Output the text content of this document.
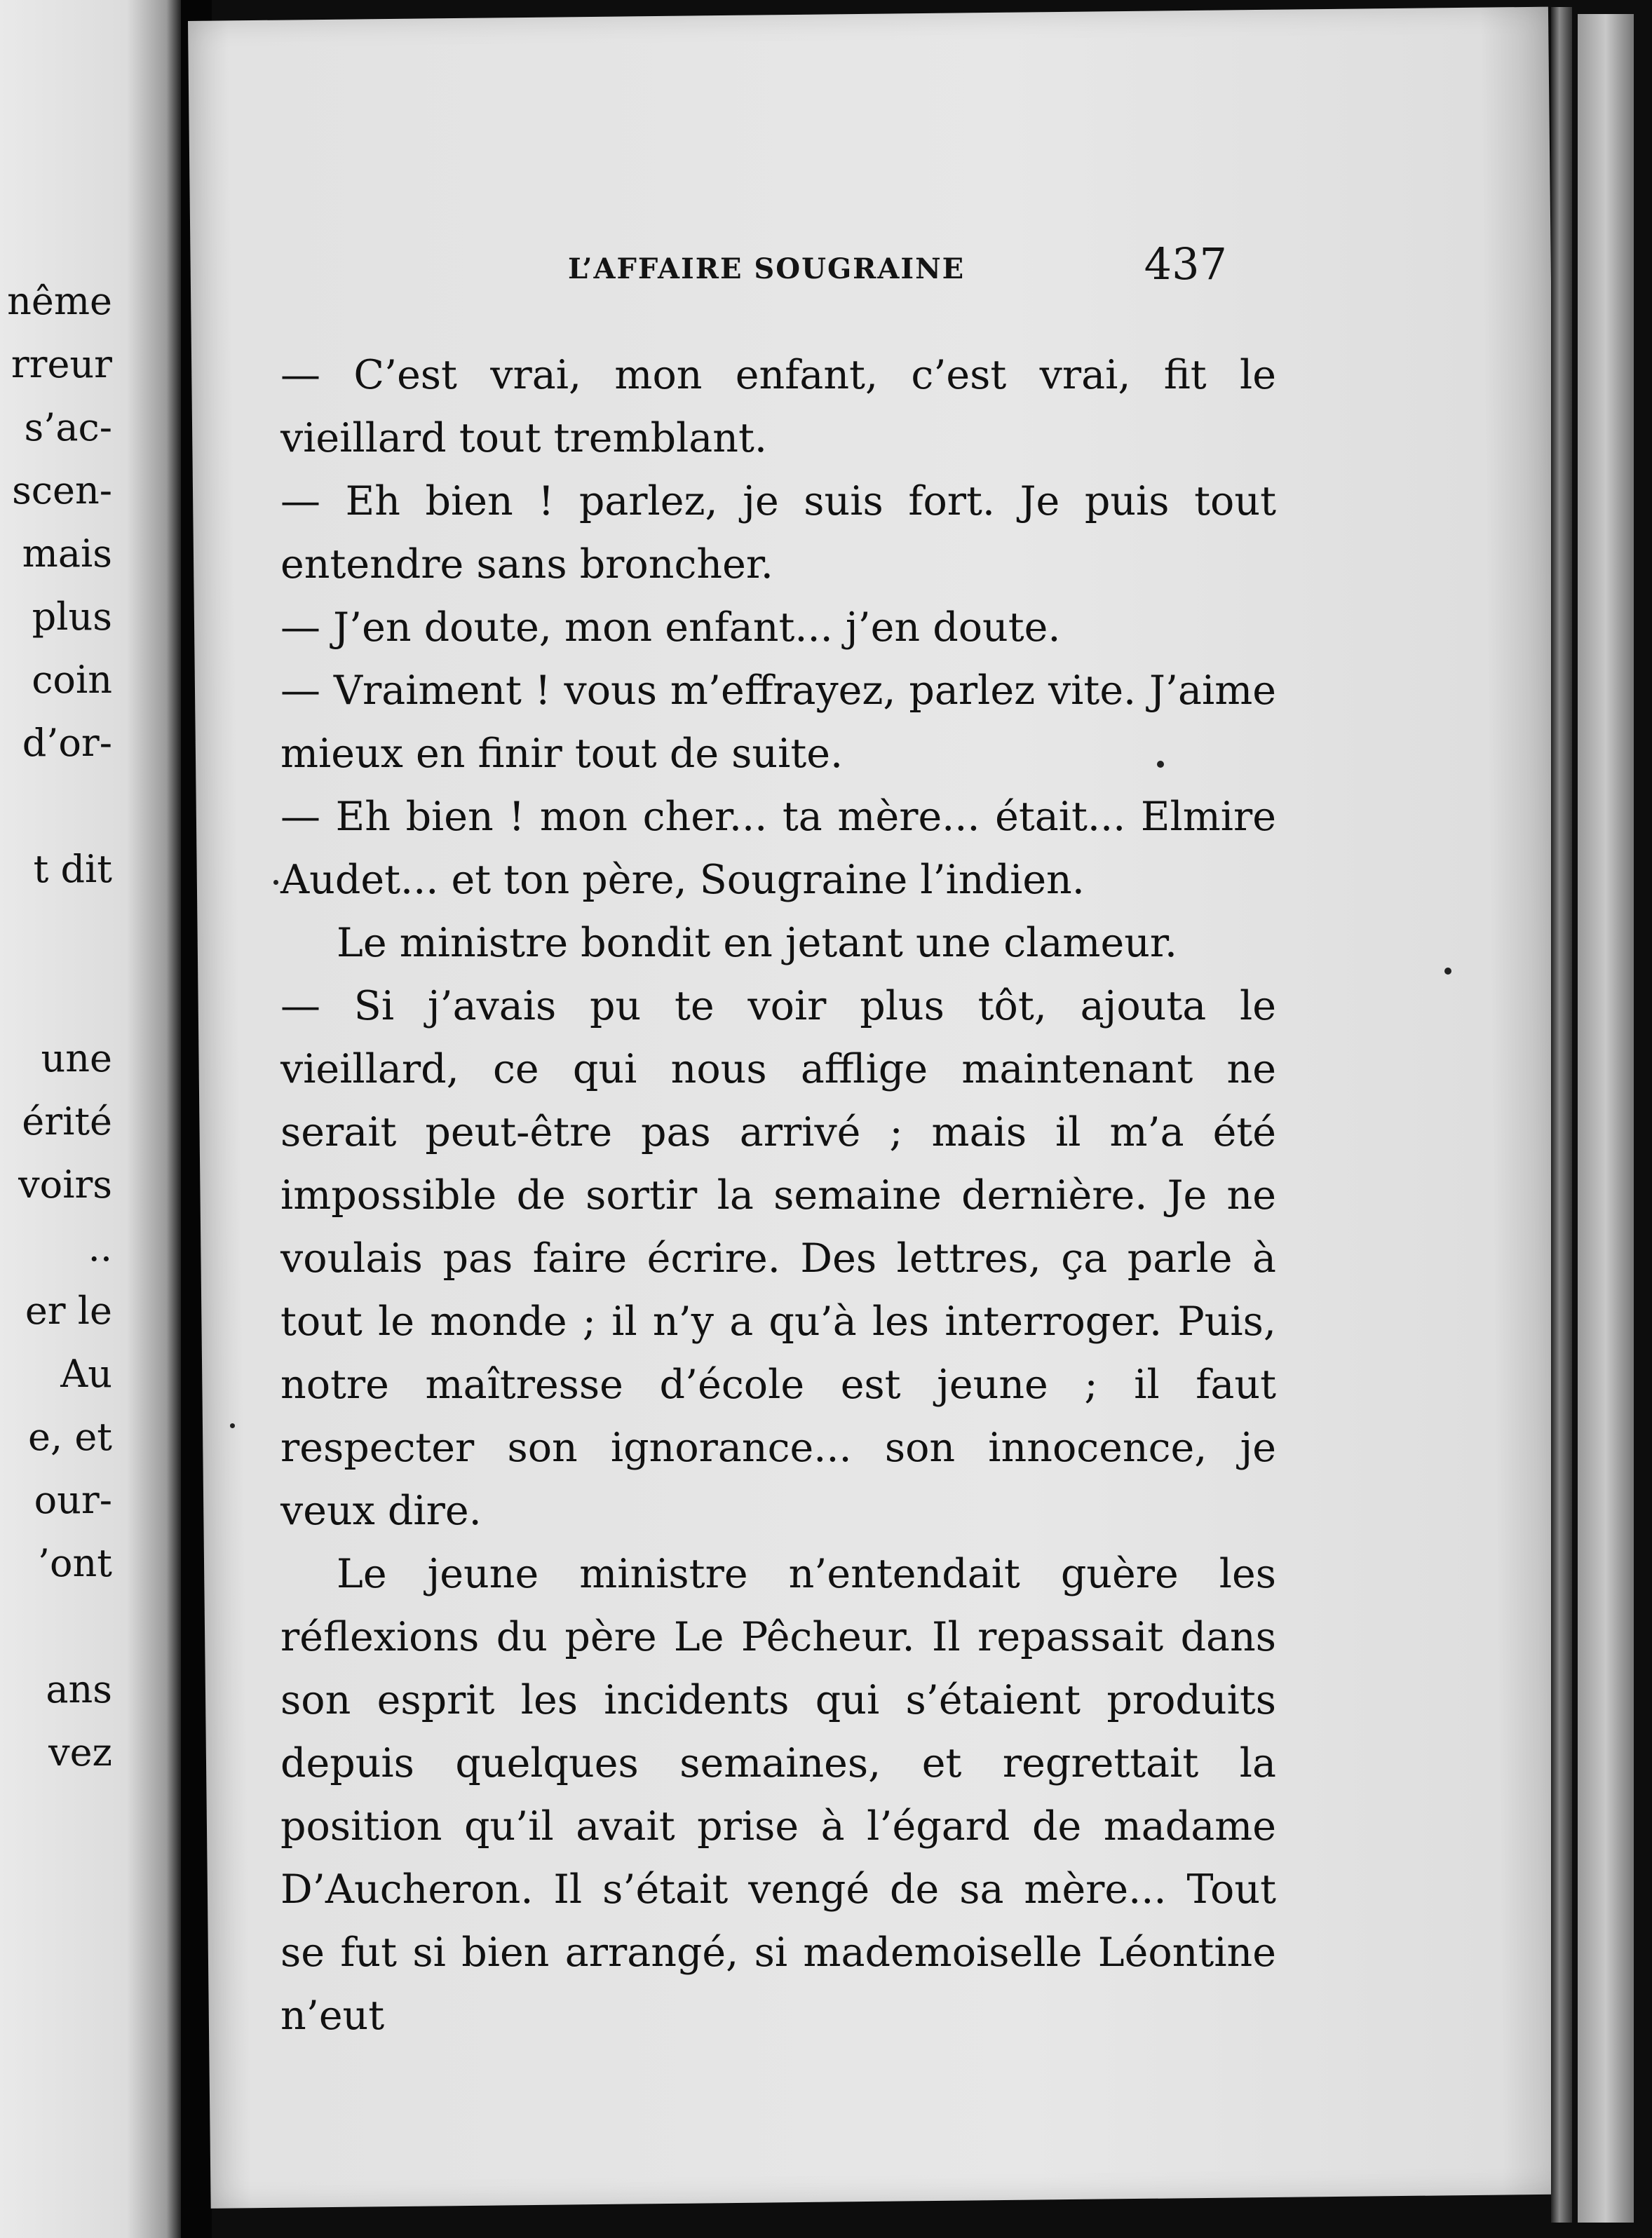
nême
rreur
s’ac-
scen-
mais
plus
coin
d’or-
t dit
une
érité
voirs
..
er le
Au
e, et
our-
’ont
ans
vez
L’AFFAIRE SOUGRAINE	437

— C’est vrai, mon enfant, c’est vrai, fit le vieillard tout tremblant.

— Eh bien ! parlez, je suis fort. Je puis tout entendre sans broncher.

— J’en doute, mon enfant... j’en doute.

— Vraiment ! vous m’effrayez, parlez vite. J’aime mieux en finir tout de suite.

— Eh bien ! mon cher... ta mère... était... Elmire Audet... et ton père, Sougraine l’indien.

Le ministre bondit en jetant une clameur.

— Si j’avais pu te voir plus tôt, ajouta le vieillard, ce qui nous afflige maintenant ne serait peut-être pas arrivé ; mais il m’a été impossible de sortir la semaine dernière. Je ne voulais pas faire écrire. Des lettres, ça parle à tout le monde ; il n’y a qu’à les interroger. Puis, notre maîtresse d’école est jeune ; il faut respecter son ignorance... son innocence, je veux dire.

Le jeune ministre n’entendait guère les réflexions du père Le Pêcheur. Il repassait dans son esprit les incidents qui s’étaient produits depuis quelques semaines, et regrettait la position qu’il avait prise à l’égard de madame D’Aucheron. Il s’était vengé de sa mère... Tout se fut si bien arrangé, si mademoiselle Léontine n’eut
